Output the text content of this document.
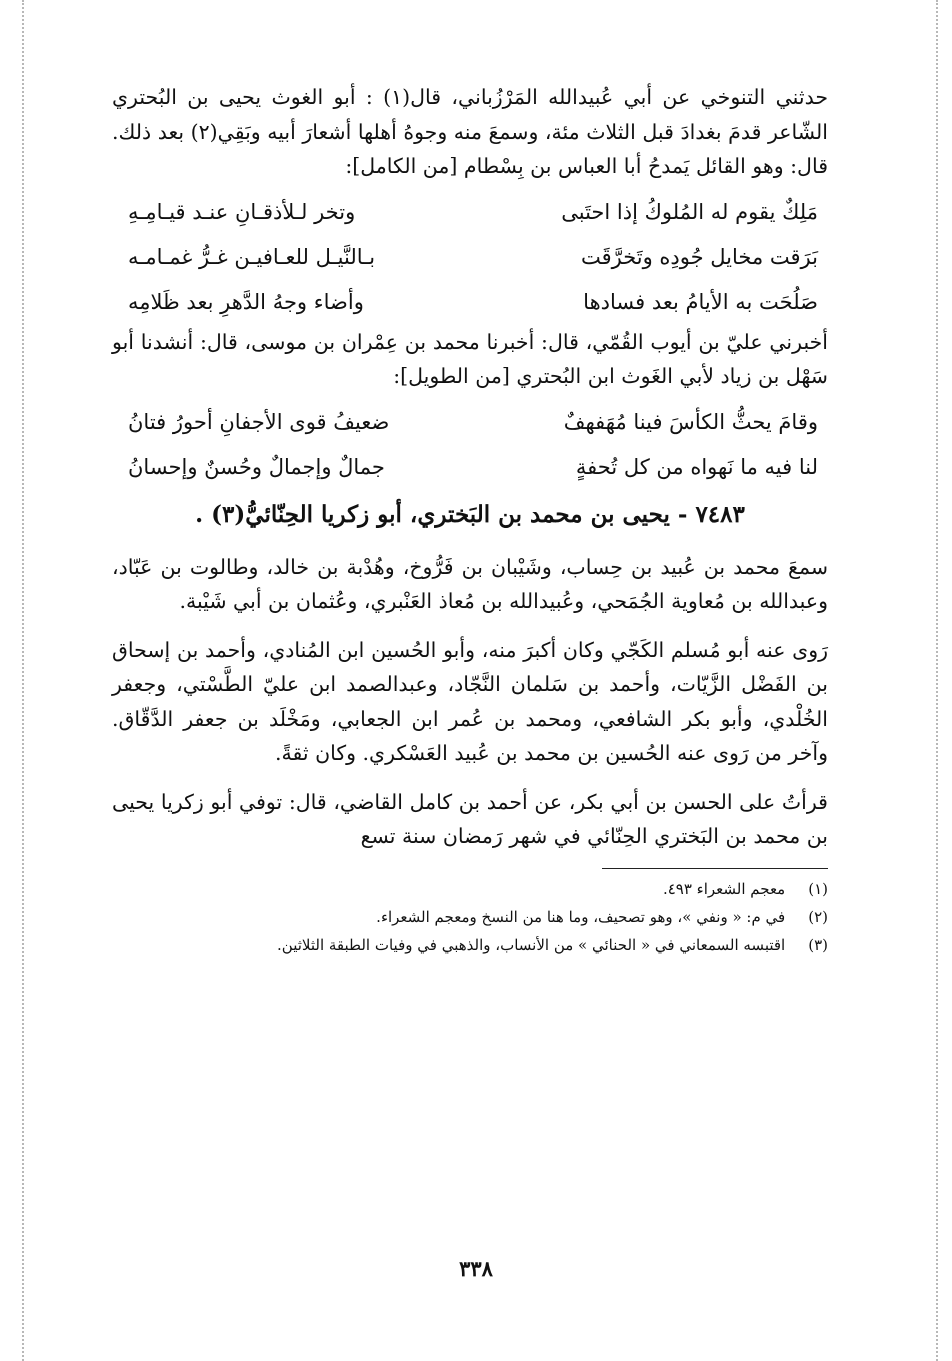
حدثني التنوخي عن أبي عُبيدالله المَرْزُباني، قال(١) : أبو الغوث يحيى بن البُحتري الشّاعر قدمَ بغدادَ قبل الثلاث مئة، وسمعَ منه وجوهُ أهلها أشعارَ أبيه وبَقِي(٢) بعد ذلك. قال: وهو القائل يَمدحُ أبا العباس بن بِسْطام [من الكامل]:

مَلِكٌ يقوم له المُلوكُ إذا احتَبى
وتخر لـلأذقـانِ عنـد قيـامِـهِ
بَرَقت مخايل جُودِه وتَخرَّقَت
بـالنَّيـل للعـافيـن غـرُّ غمـامـه
صَلُحَت به الأيامُ بعد فسادها
وأضاء وجهُ الدَّهرِ بعد ظَلامِه

أخبرني عليّ بن أيوب القُمّي، قال: أخبرنا محمد بن عِمْران بن موسى، قال: أنشدنا أبو سَهْل بن زياد لأبي الغَوث ابن البُحتري [من الطويل]:

وقامَ يحثُّ الكأسَ فينا مُهَفهفٌ
ضعيفُ قوى الأجفانِ أحورُ فتانُ
لنا فيه ما نَهواه من كل تُحفةٍ
جمالٌ وإجمالٌ وحُسنٌ وإحسانُ
٧٤٨٣ - يحيى بن محمد بن البَختري، أبو زكريا الحِنّائيُّ(٣) .

سمعَ محمد بن عُبيد بن حِساب، وشَيْبان بن فَرُّوخ، وهُدْبة بن خالد، وطالوت بن عَبّاد، وعبدالله بن مُعاوية الجُمَحي، وعُبيدالله بن مُعاذ العَنْبري، وعُثمان بن أبي شَيْبة.

رَوى عنه أبو مُسلم الكَجّي وكان أكبرَ منه، وأبو الحُسين ابن المُنادي، وأحمد بن إسحاق بن الفَضْل الزَّيّات، وأحمد بن سَلمان النَّجّاد، وعبدالصمد ابن عليّ الطَّسْتي، وجعفر الخُلْدي، وأبو بكر الشافعي، ومحمد بن عُمر ابن الجعابي، ومَخْلَد بن جعفر الدَّقّاق. وآخر من رَوى عنه الحُسين بن محمد بن عُبيد العَسْكري. وكان ثقةً.

قرأتُ على الحسن بن أبي بكر، عن أحمد بن كامل القاضي، قال: توفي أبو زكريا يحيى بن محمد بن البَختري الحِنّائي في شهر رَمضان سنة تسع

(١) معجم الشعراء ٤٩٣.
(٢) في م: « ونفي »، وهو تصحيف، وما هنا من النسخ ومعجم الشعراء.
(٣) اقتبسه السمعاني في « الحنائي » من الأنساب، والذهبي في وفيات الطبقة الثلاثين.
٣٣٨
